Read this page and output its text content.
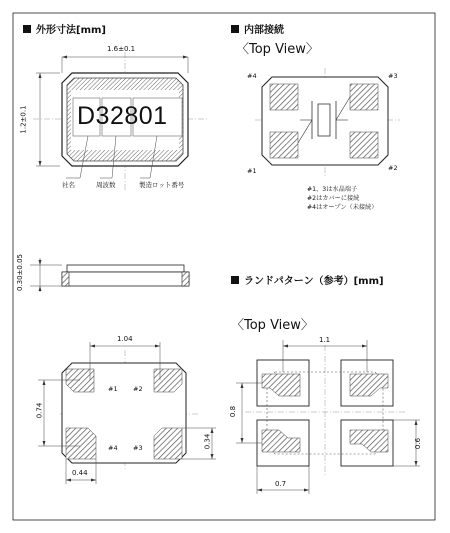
外形寸法[mm]	内部接続
〈Top View〉
ランドパターン（参考）[mm]
〈Top View〉
1.6±0.1
1.2±0.1 D32801
社名	周波数	製造ロット番号
0.30±0.05
#4	#3
#1	#2
#1、3は水晶端子
#2はカバーに接続
#4はオープン（未接続）
1.04
0.74
0.34
0.44
#1 #2
#4 #3
1.1
0.8
0.6
0.7
